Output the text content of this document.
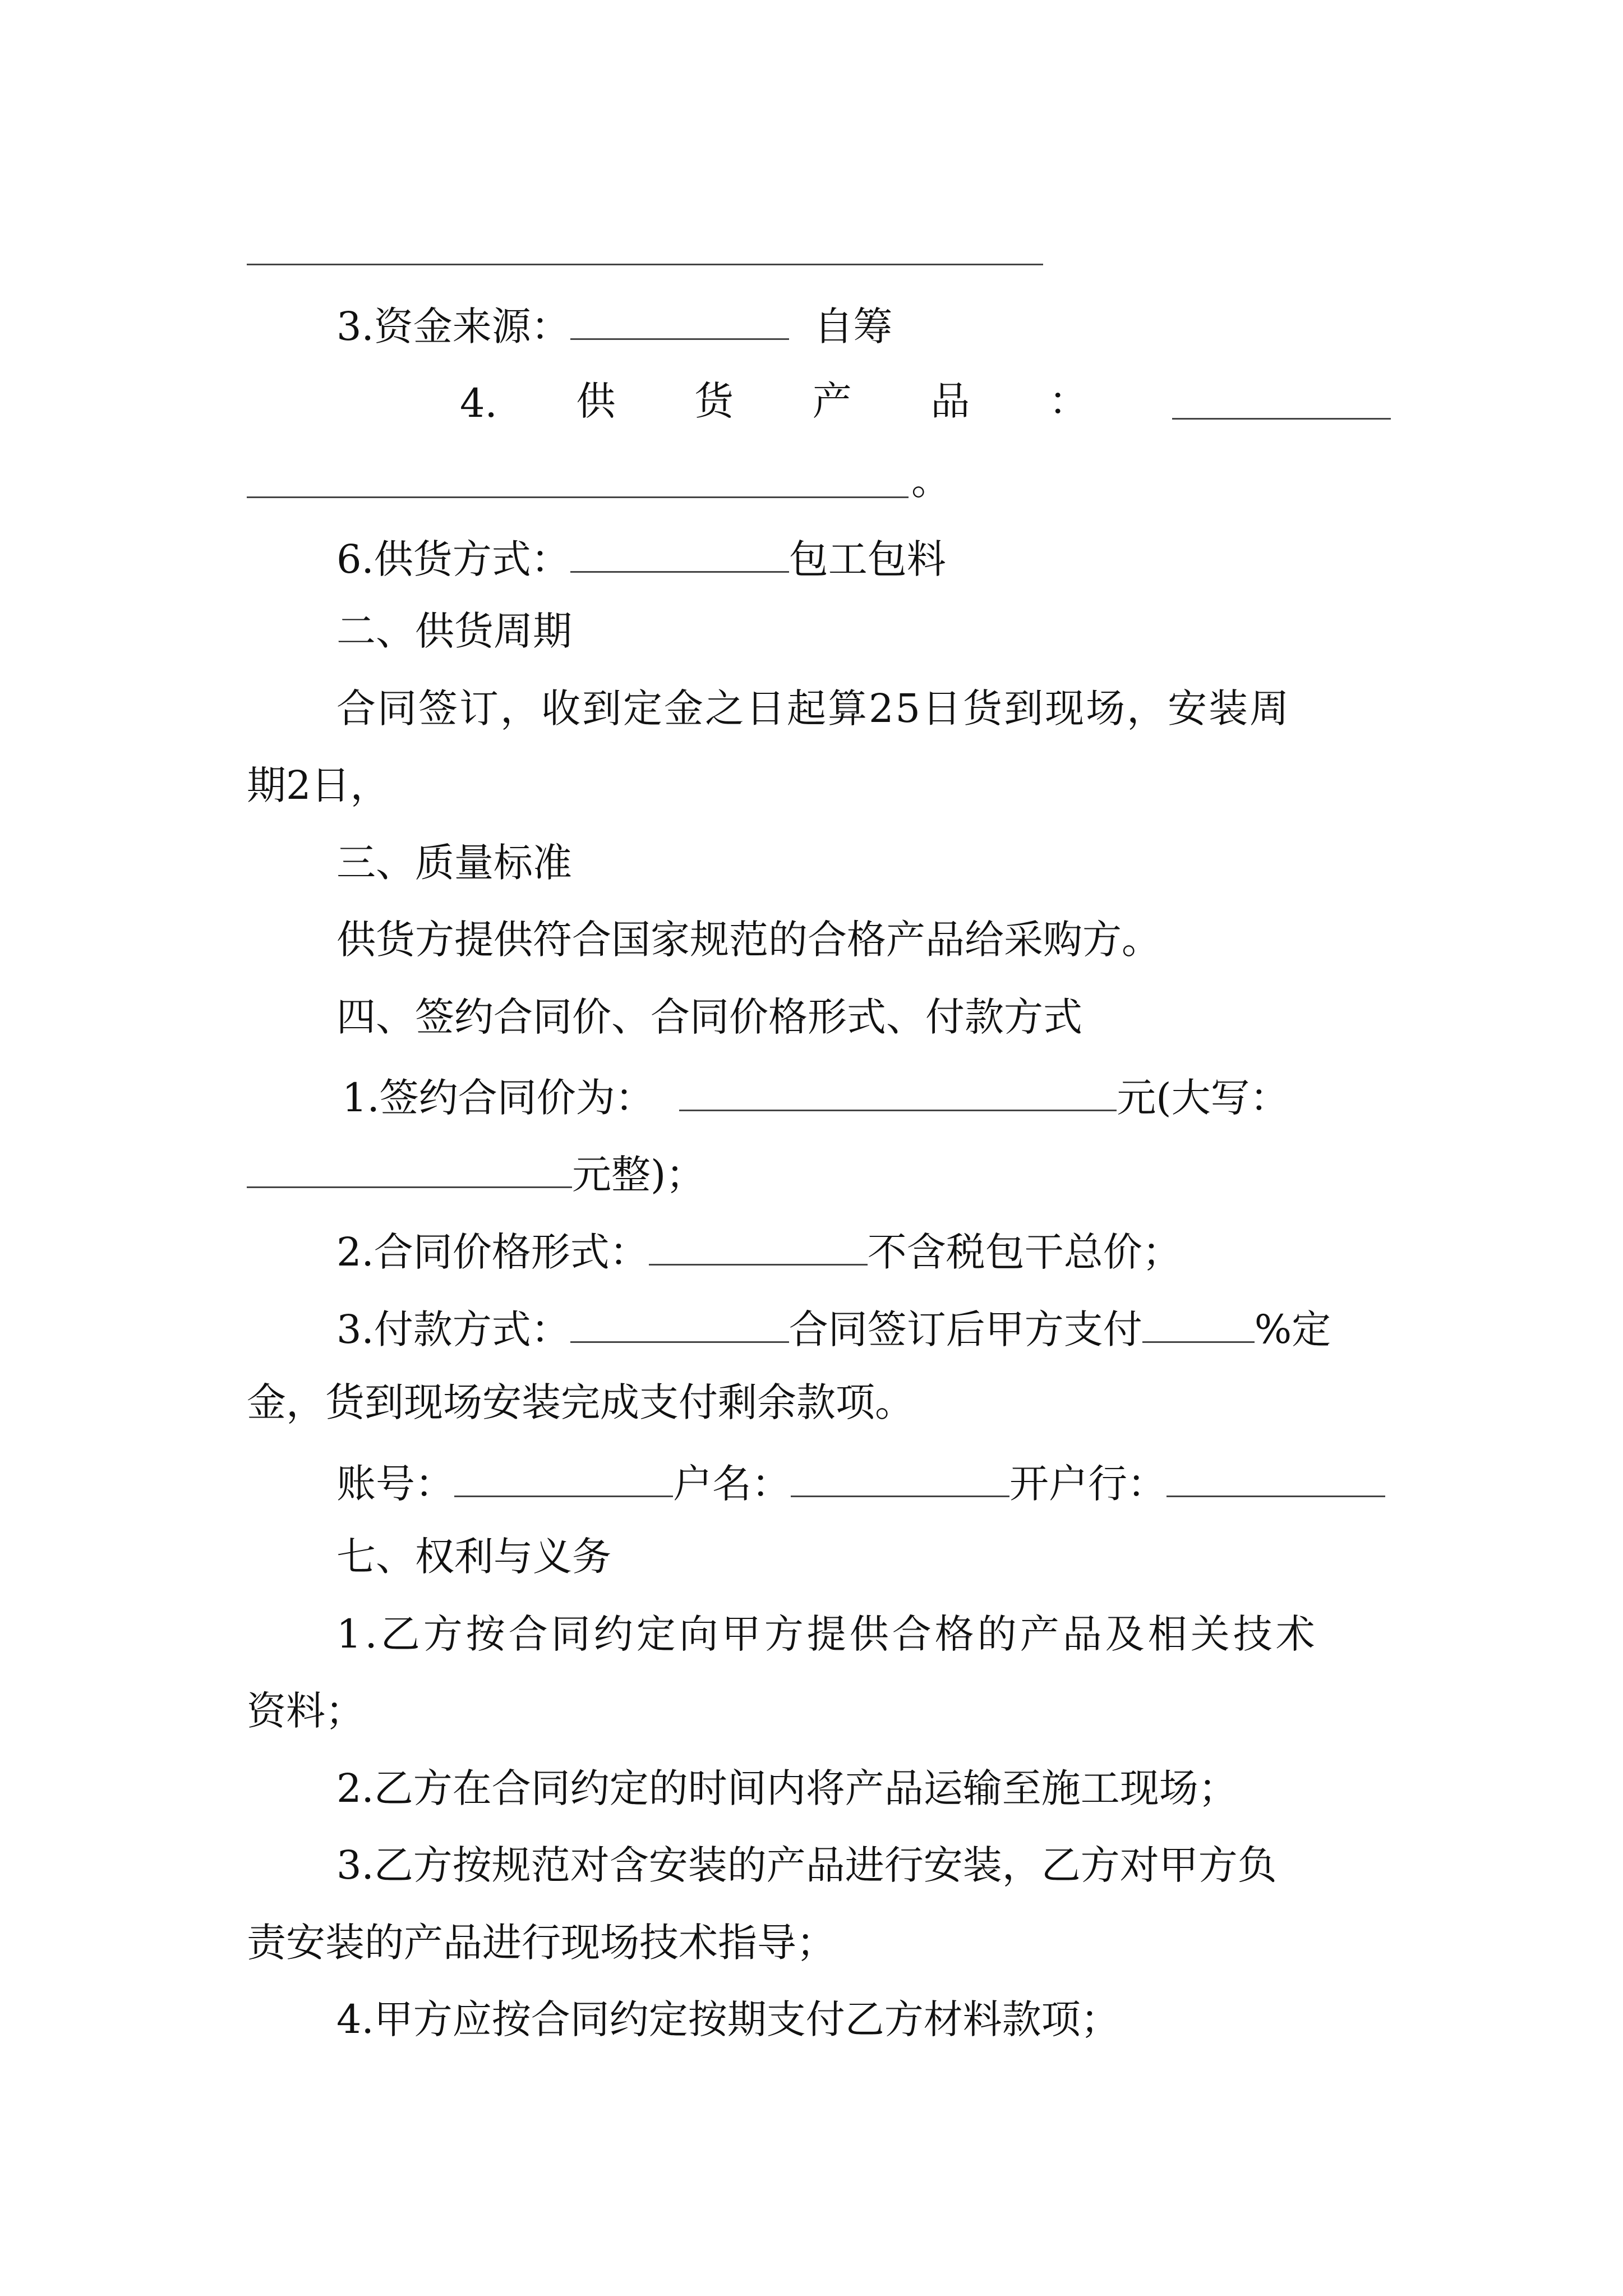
3.资金来源：	自筹
4. 供 货 产 品 ：
。
6.供货方式：	包工包料
二、供货周期
合同签订，收到定金之日起算25日货到现场，安装周
期2日，
三、质量标准
供货方提供符合国家规范的合格产品给采购方。
四、签约合同价、合同价格形式、付款方式
1.签约合同价为：	元(大写：
元整)；
2.合同价格形式：	不含税包干总价；
3.付款方式：	合同签订后甲方支付	%定
金，货到现场安装完成支付剩余款项。
账号：	户名：	开户行：
七、权利与义务
1.乙方按合同约定向甲方提供合格的产品及相关技术
资料；
2.乙方在合同约定的时间内将产品运输至施工现场；
3.乙方按规范对含安装的产品进行安装，乙方对甲方负
责安装的产品进行现场技术指导；
4.甲方应按合同约定按期支付乙方材料款项；
